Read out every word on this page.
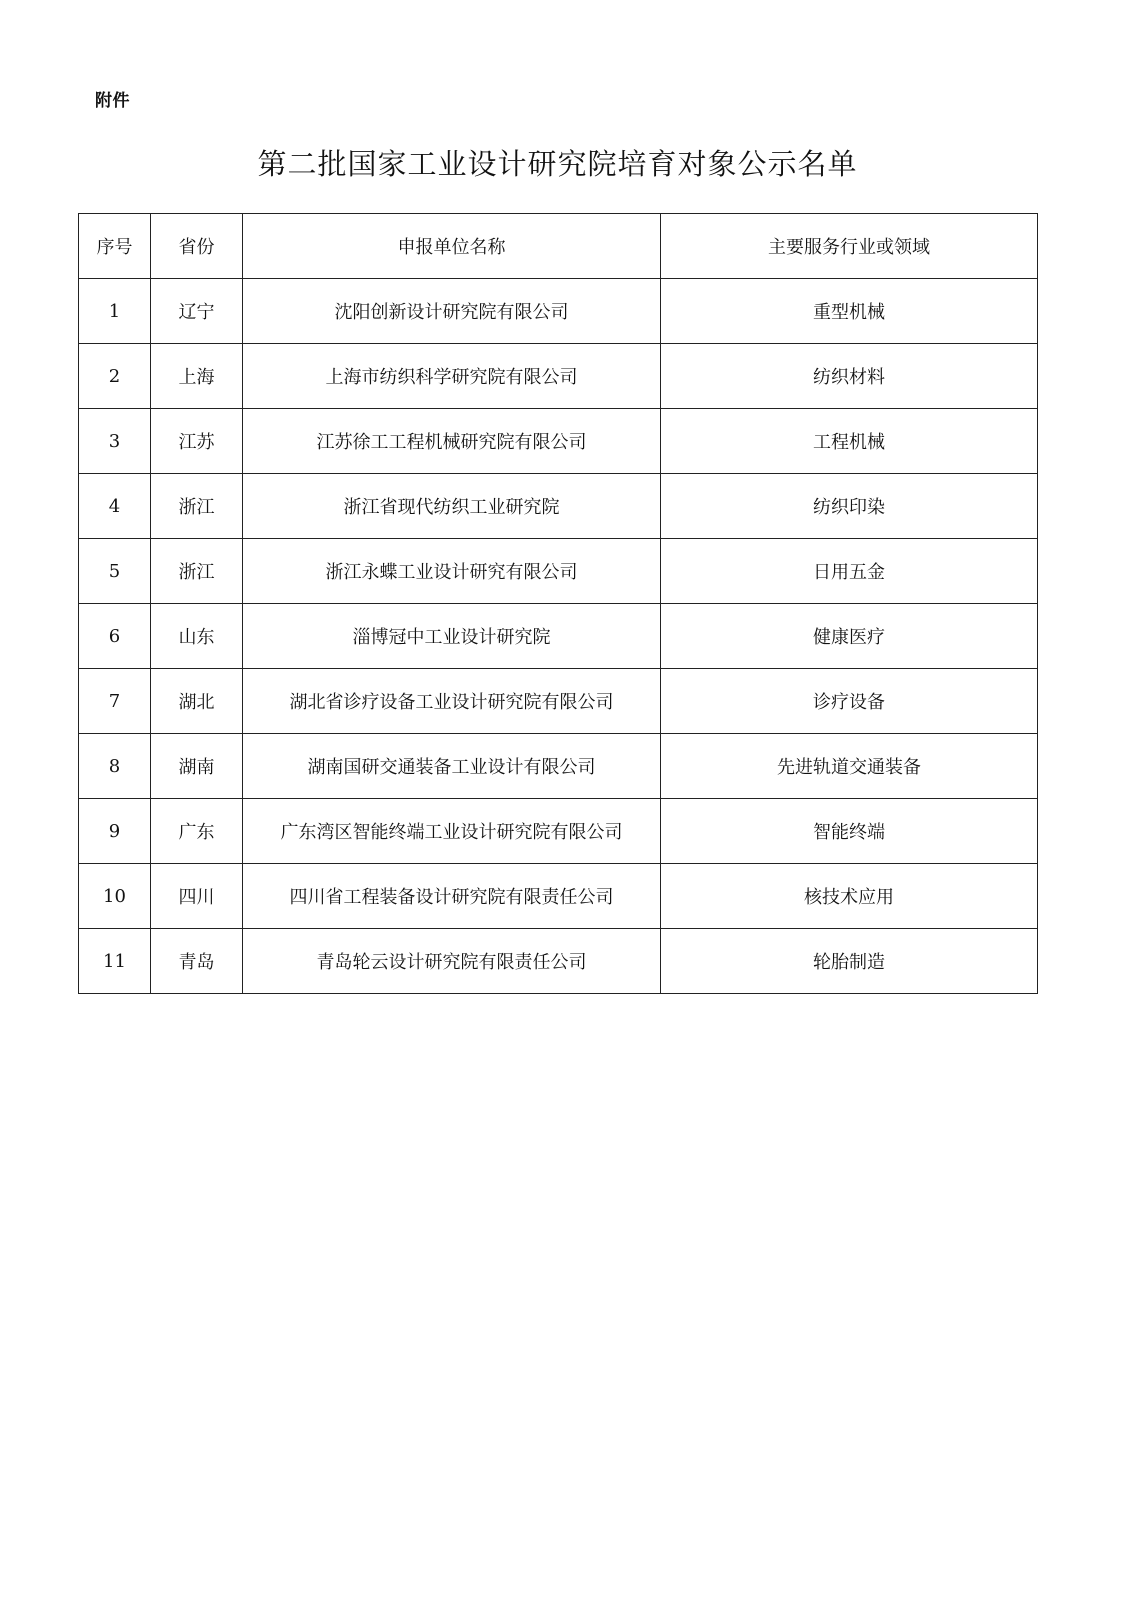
附件
第二批国家工业设计研究院培育对象公示名单
序号	省份	申报单位名称	主要服务行业或领域
1	辽宁	沈阳创新设计研究院有限公司	重型机械
2	上海	上海市纺织科学研究院有限公司	纺织材料
3	江苏	江苏徐工工程机械研究院有限公司	工程机械
4	浙江	浙江省现代纺织工业研究院	纺织印染
5	浙江	浙江永蝶工业设计研究有限公司	日用五金
6	山东	淄博冠中工业设计研究院	健康医疗
7	湖北	湖北省诊疗设备工业设计研究院有限公司	诊疗设备
8	湖南	湖南国研交通装备工业设计有限公司	先进轨道交通装备
9	广东	广东湾区智能终端工业设计研究院有限公司	智能终端
10	四川	四川省工程装备设计研究院有限责任公司	核技术应用
11	青岛	青岛轮云设计研究院有限责任公司	轮胎制造
